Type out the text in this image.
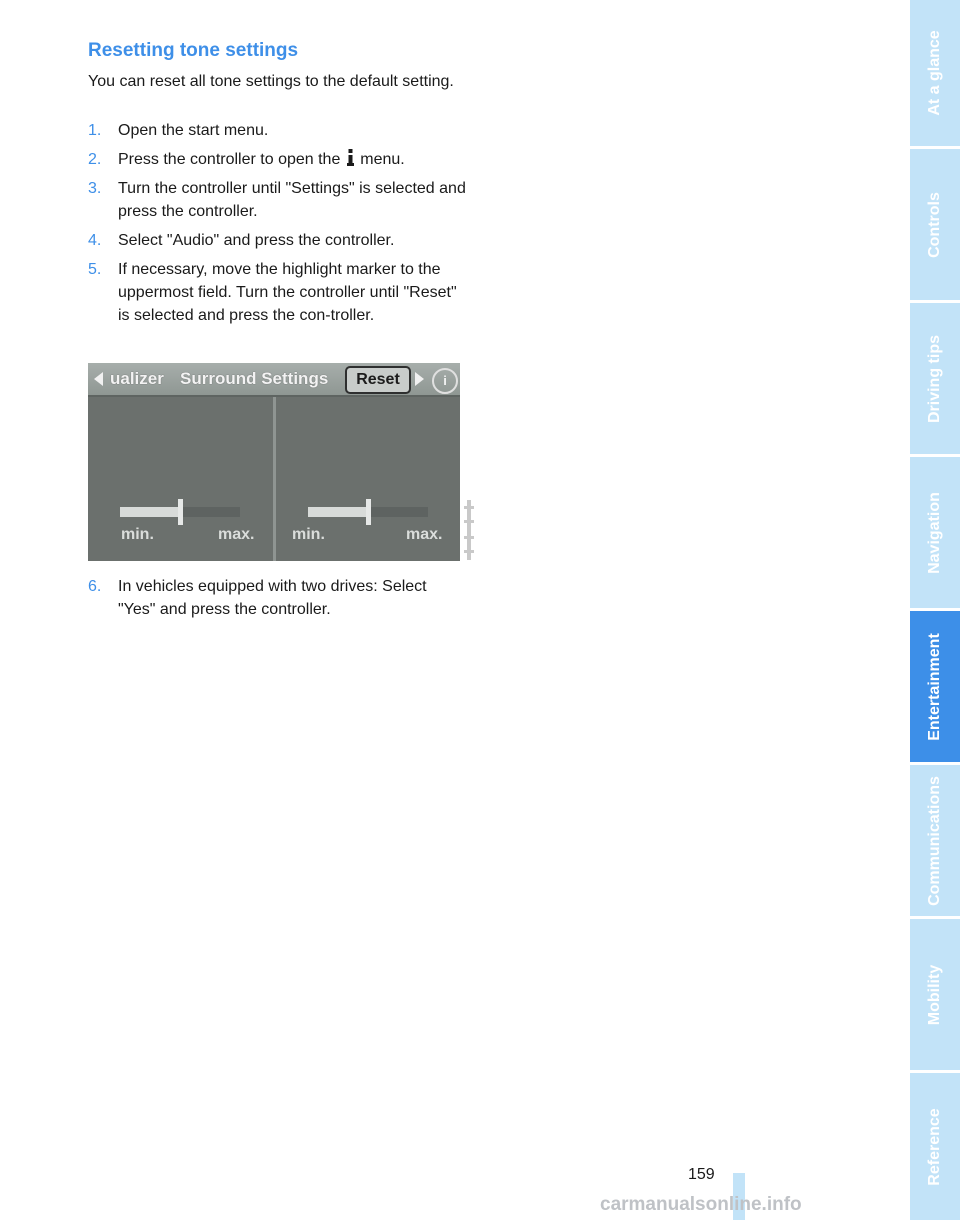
Resetting tone settings

You can reset all tone settings to the default setting.

1. Open the start menu.
2. Press the controller to open the menu.
3. Turn the controller until "Settings" is selected and press the controller.
4. Select "Audio" and press the controller.
5. If necessary, move the highlight marker to the uppermost field. Turn the controller until "Reset" is selected and press the con-troller.
ualizer Surround Settings	Reset	i
min.	max. min.	max.
6. In vehicles equipped with two drives: Select "Yes" and press the controller.
At a glance
Controls
Driving tips
Navigation
Entertainment
Communications
Mobility
Reference
159
carmanualsonline.info
